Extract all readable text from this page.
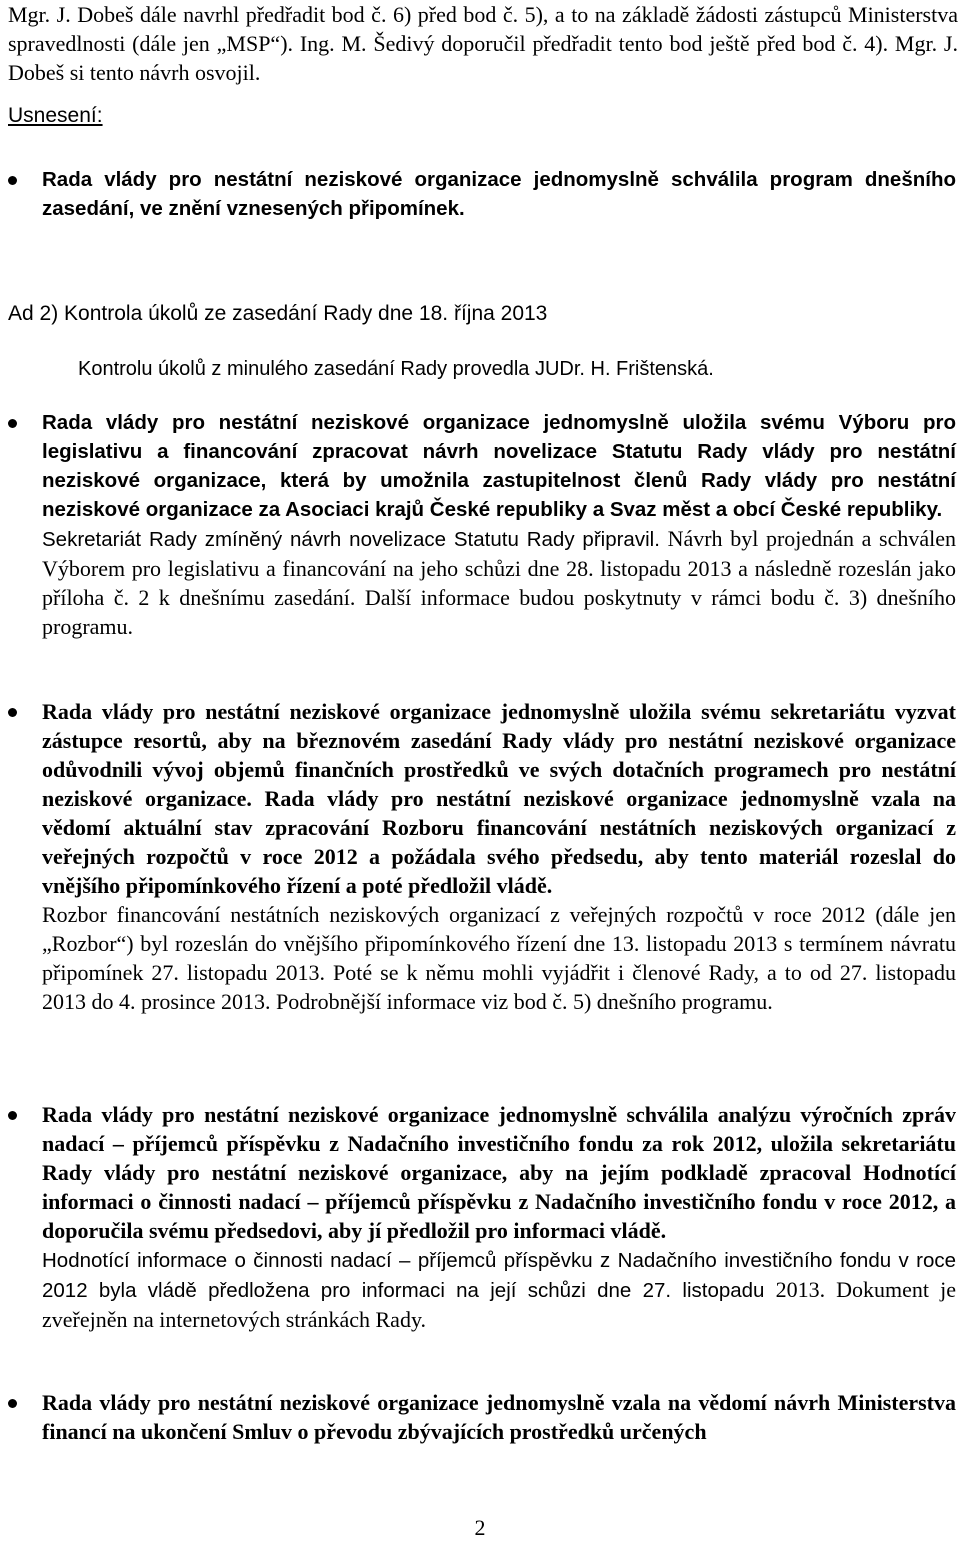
Mgr. J. Dobeš dále navrhl předřadit bod č. 6) před bod č. 5), a to na základě žádosti zástupců Ministerstva spravedlnosti (dále jen „MSP“). Ing. M. Šedivý doporučil předřadit tento bod ještě před bod č. 4). Mgr. J. Dobeš si tento návrh osvojil.
Usnesení:
Rada vlády pro nestátní neziskové organizace jednomyslně schválila program dnešního zasedání, ve znění vznesených připomínek.
Ad 2) Kontrola úkolů ze zasedání Rady dne 18. října 2013
Kontrolu úkolů z minulého zasedání Rady provedla JUDr. H. Frištenská.
Rada vlády pro nestátní neziskové organizace jednomyslně uložila svému Výboru pro legislativu a financování zpracovat návrh novelizace Statutu Rady vlády pro nestátní neziskové organizace, která by umožnila zastupitelnost členů Rady vlády pro nestátní neziskové organizace za Asociaci krajů České republiky a Svaz měst a obcí České republiky.
Sekretariát Rady zmíněný návrh novelizace Statutu Rady připravil. Návrh byl projednán a schválen Výborem pro legislativu a financování na jeho schůzi dne 28. listopadu 2013 a následně rozeslán jako příloha č. 2 k dnešnímu zasedání. Další informace budou poskytnuty v rámci bodu č. 3) dnešního programu.
Rada vlády pro nestátní neziskové organizace jednomyslně uložila svému sekretariátu vyzvat zástupce resortů, aby na březnovém zasedání Rady vlády pro nestátní neziskové organizace odůvodnili vývoj objemů finančních prostředků ve svých dotačních programech pro nestátní neziskové organizace. Rada vlády pro nestátní neziskové organizace jednomyslně vzala na vědomí aktuální stav zpracování Rozboru financování nestátních neziskových organizací z veřejných rozpočtů v roce 2012 a požádala svého předsedu, aby tento materiál rozeslal do vnějšího připomínkového řízení a poté předložil vládě.
Rozbor financování nestátních neziskových organizací z veřejných rozpočtů v roce 2012 (dále jen „Rozbor“) byl rozeslán do vnějšího připomínkového řízení dne 13. listopadu 2013 s termínem návratu připomínek 27. listopadu 2013. Poté se k němu mohli vyjádřit i členové Rady, a to od 27. listopadu 2013 do 4. prosince 2013. Podrobnější informace viz bod č. 5) dnešního programu.
Rada vlády pro nestátní neziskové organizace jednomyslně schválila analýzu výročních zpráv nadací – příjemců příspěvku z Nadačního investičního fondu za rok 2012, uložila sekretariátu Rady vlády pro nestátní neziskové organizace, aby na jejím podkladě zpracoval Hodnotící informaci o činnosti nadací – příjemců příspěvku z Nadačního investičního fondu v roce 2012, a doporučila svému předsedovi, aby jí předložil pro informaci vládě.
Hodnotící informace o činnosti nadací – příjemců příspěvku z Nadačního investičního fondu v roce 2012 byla vládě předložena pro informaci na její schůzi dne 27. listopadu 2013. Dokument je zveřejněn na internetových stránkách Rady.
Rada vlády pro nestátní neziskové organizace jednomyslně vzala na vědomí návrh Ministerstva financí na ukončení Smluv o převodu zbývajících prostředků určených
2
